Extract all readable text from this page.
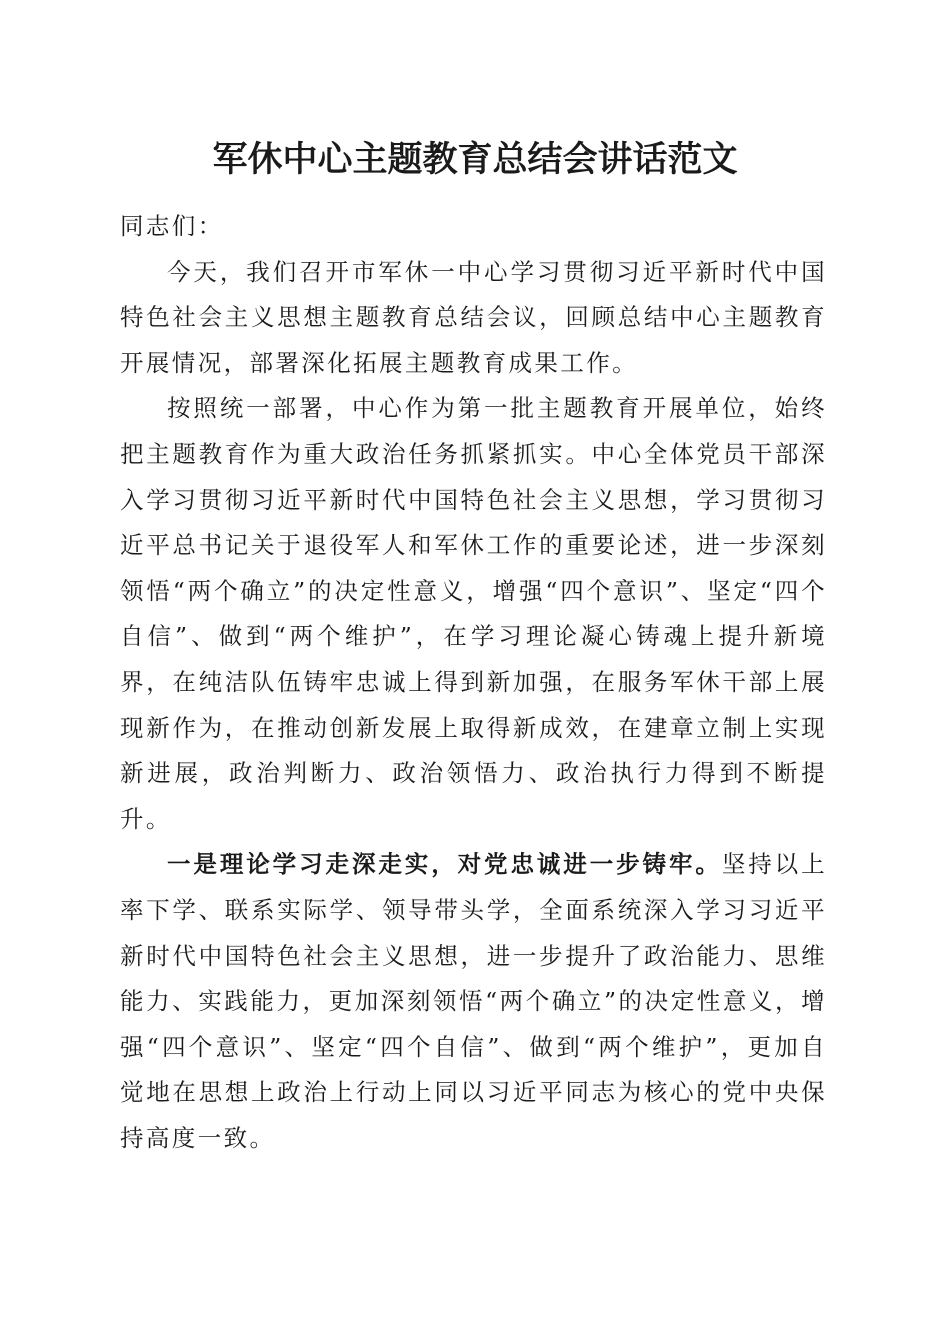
军休中心主题教育总结会讲话范文

同志们：

今天，我们召开市军休一中心学习贯彻习近平新时代中国特色社会主义思想主题教育总结会议，回顾总结中心主题教育开展情况，部署深化拓展主题教育成果工作。

按照统一部署，中心作为第一批主题教育开展单位，始终把主题教育作为重大政治任务抓紧抓实。中心全体党员干部深入学习贯彻习近平新时代中国特色社会主义思想，学习贯彻习近平总书记关于退役军人和军休工作的重要论述，进一步深刻领悟“两个确立”的决定性意义，增强“四个意识”、坚定“四个自信”、做到“两个维护”，在学习理论凝心铸魂上提升新境界，在纯洁队伍铸牢忠诚上得到新加强，在服务军休干部上展现新作为，在推动创新发展上取得新成效，在建章立制上实现新进展，政治判断力、政治领悟力、政治执行力得到不断提升。

一是理论学习走深走实，对党忠诚进一步铸牢。坚持以上率下学、联系实际学、领导带头学，全面系统深入学习习近平新时代中国特色社会主义思想，进一步提升了政治能力、思维能力、实践能力，更加深刻领悟“两个确立”的决定性意义，增强“四个意识”、坚定“四个自信”、做到“两个维护”，更加自觉地在思想上政治上行动上同以习近平同志为核心的党中央保持高度一致。
